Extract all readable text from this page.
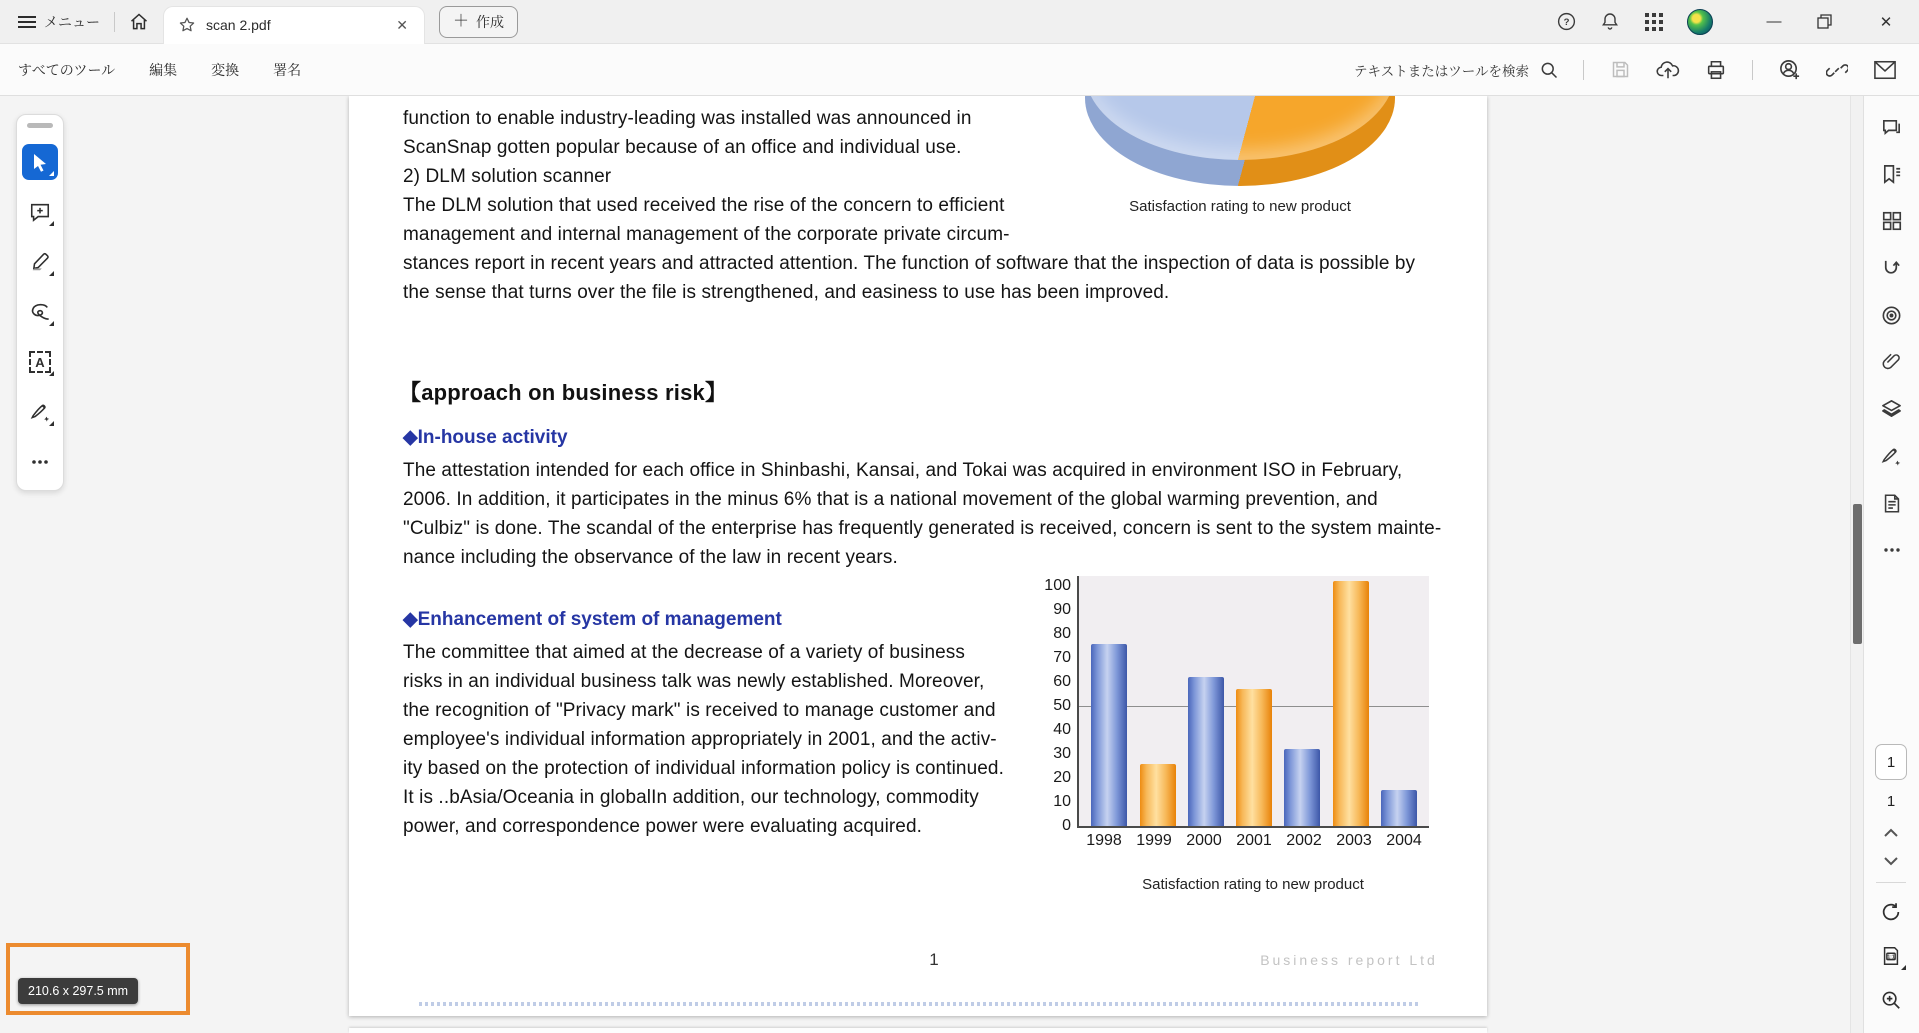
メニュー	scan 2.pdf	✕	＋ 作成	?	—	✕
すべてのツール 編集 変換 署名	テキストまたはツールを検索
A
Satisfaction rating to new product
function to enable industry-leading was installed was announced in
ScanSnap gotten popular because of an office and individual use.
2) DLM solution scanner
The DLM solution that used received the rise of the concern to efficient
management and internal management of the corporate private circum-
stances report in recent years and attracted attention. The function of software that the inspection of data is possible by
the sense that turns over the file is strengthened, and easiness to use has been improved.
【approach on business risk】
◆In-house activity
The attestation intended for each office in Shinbashi, Kansai, and Tokai was acquired in environment ISO in February,
2006. In addition, it participates in the minus 6% that is a national movement of the global warming prevention, and
"Culbiz" is done. The scandal of the enterprise has frequently generated is received, concern is sent to the system mainte-
nance including the observance of the law in recent years.
◆Enhancement of system of management
The committee that aimed at the decrease of a variety of business
risks in an individual business talk was newly established. Moreover,
the recognition of "Privacy mark" is received to manage customer and
employee's individual information appropriately in 2001, and the activ-
ity based on the protection of individual information policy is continued.
It is ..bAsia/Oceania in globalIn addition, our technology, commodity
power, and correspondence power were evaluating acquired.
100
90
80
70
60
50
40
30
20
10
0
1998 1999 2000 2001 2002 2003 2004
Satisfaction rating to new product
1	Business report Ltd
210.6 x 297.5 mm
1
1
1:1
